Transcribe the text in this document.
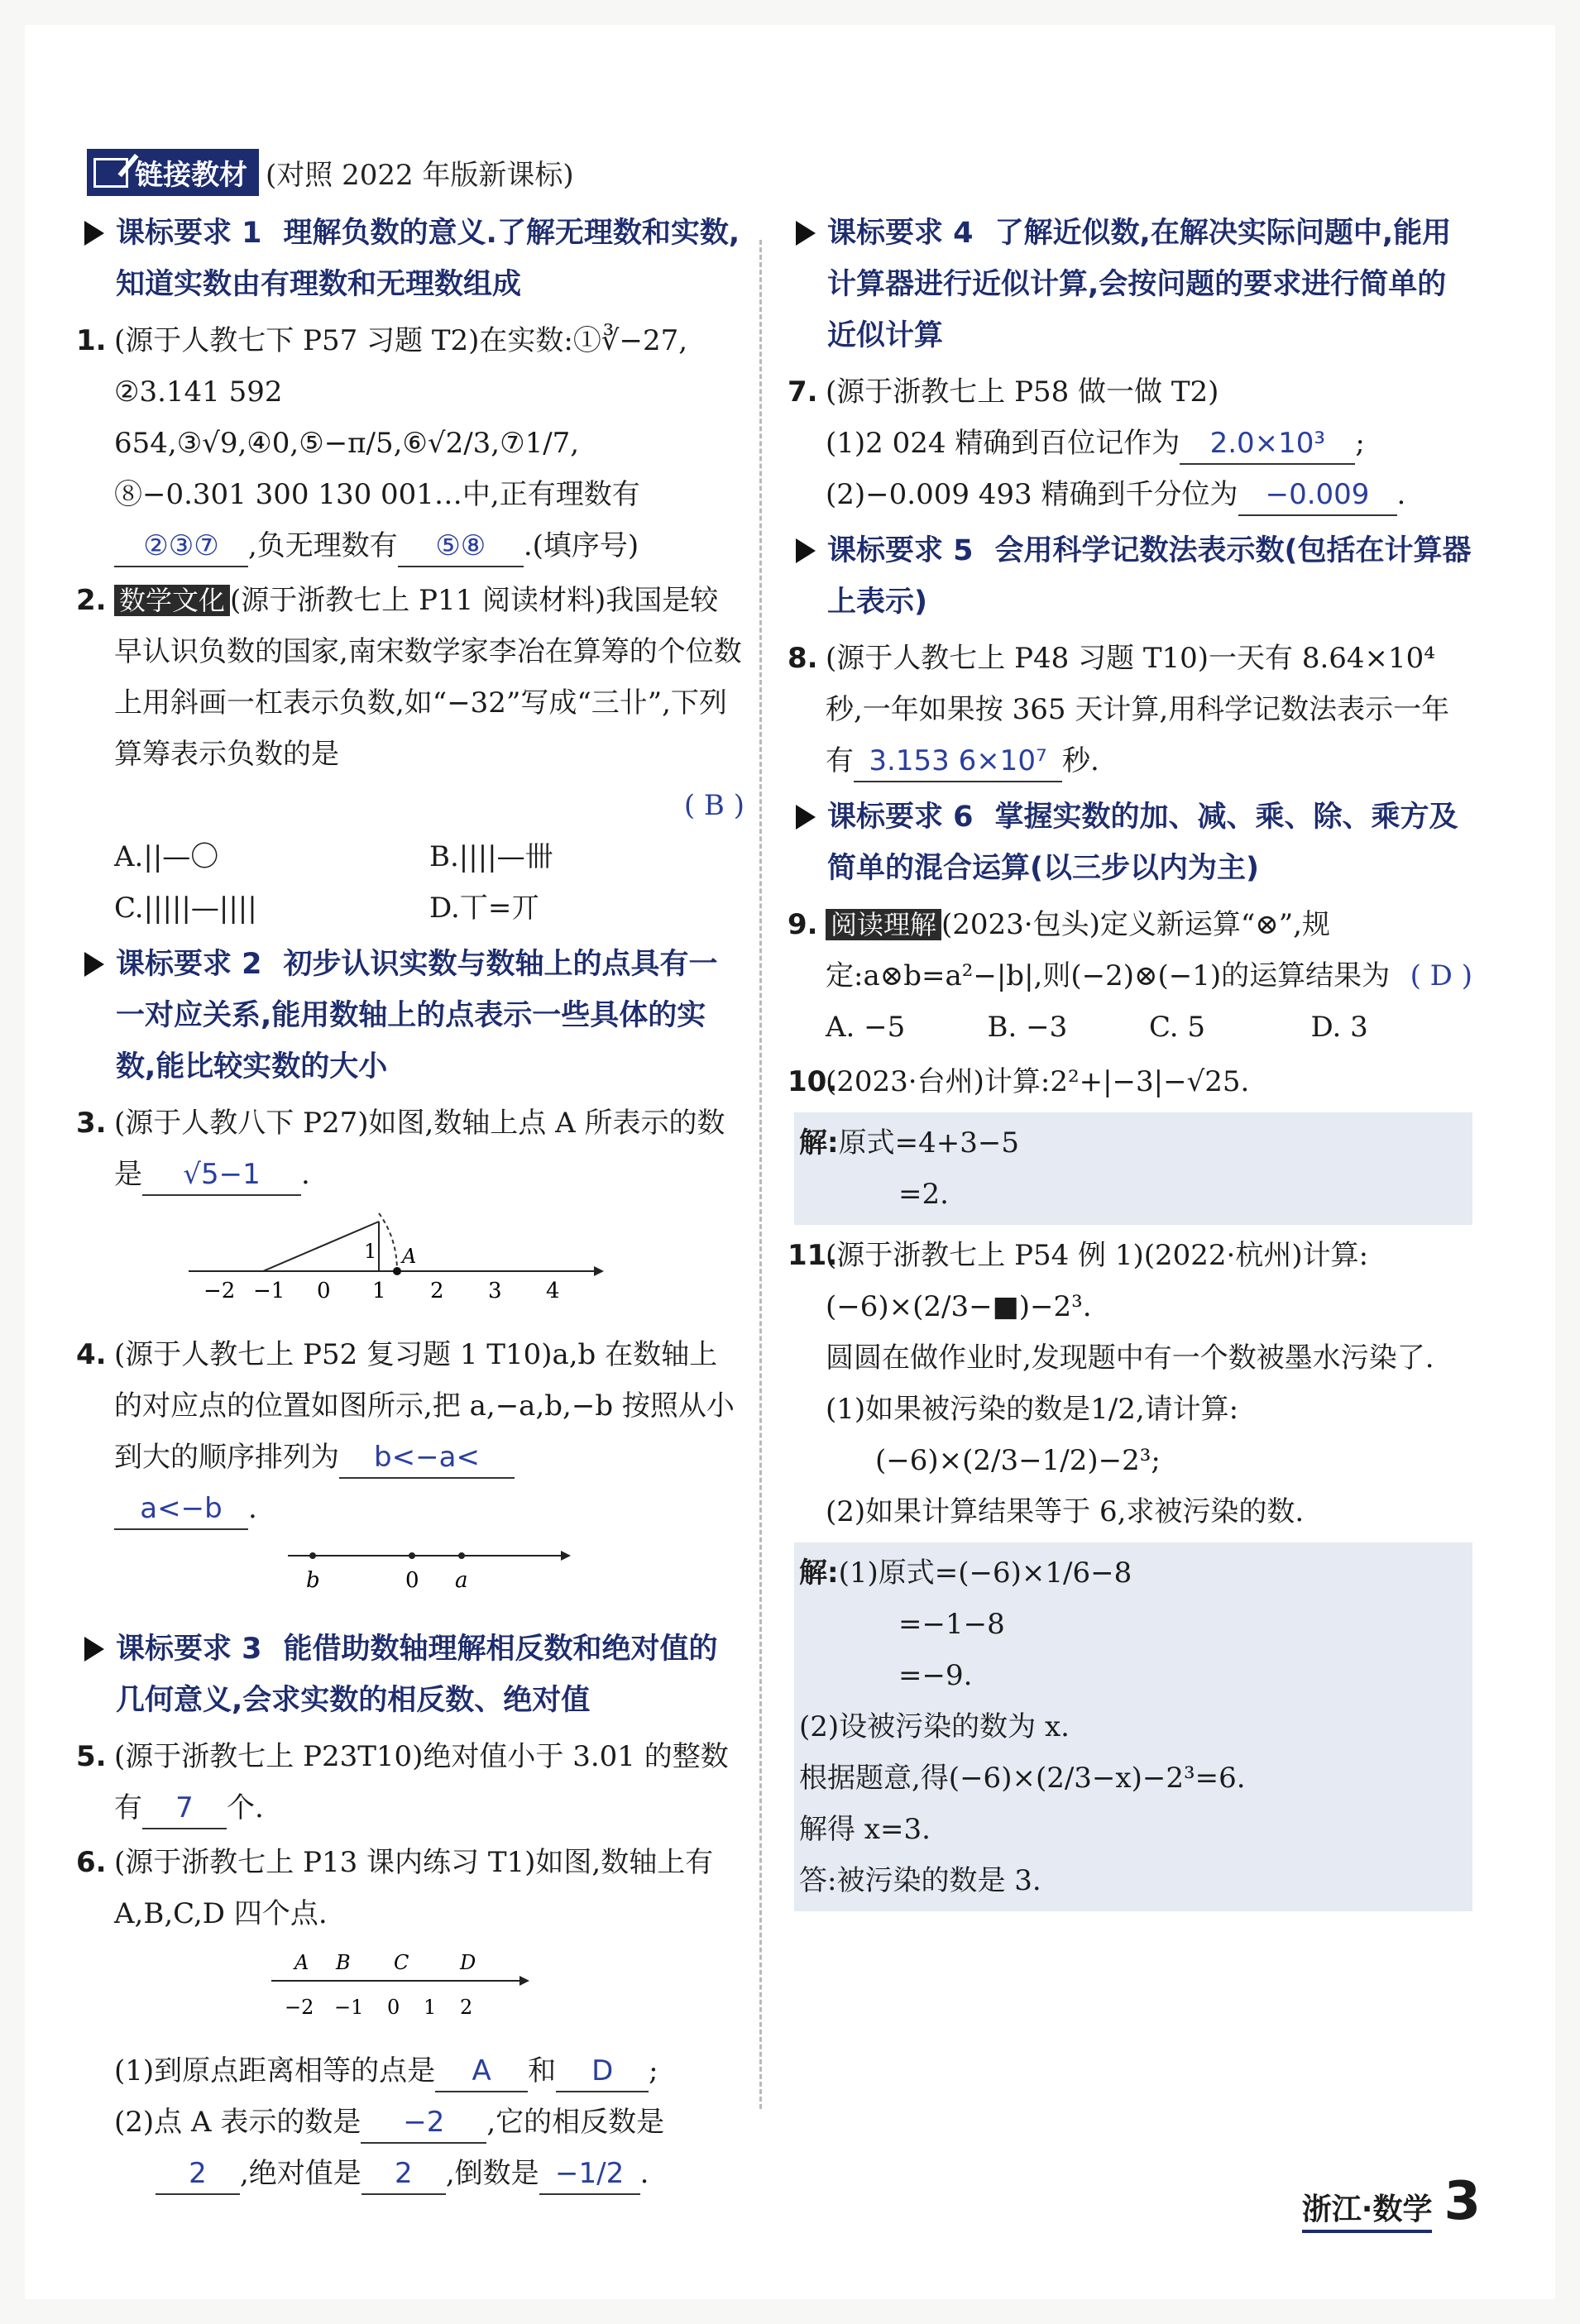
链接教材 (对照 2022 年版新课标)
课标要求 1 理解负数的意义.了解无理数和实数,知道实数由有理数和无理数组成
1. (源于人教七下 P57 习题 T2)在实数:①∛−27,
②3.141 592 654,③√9,④0,⑤−π/5,⑥√2/3,⑦1/7,
⑧−0.301 300 130 001…中,正有理数有
②③⑦ ,负无理数有 ⑤⑧ .(填序号)
2. 数学文化 (源于浙教七上 P11 阅读材料)我国是较早认识负数的国家,南宋数学家李冶在算筹的个位数上用斜画一杠表示负数,如“−32”写成“三卝”,下列算筹表示负数的是
( B )
A.||—〇	B.||||—卌
C.|||||—||||	D.丅=丌
课标要求 2 初步认识实数与数轴上的点具有一一对应关系,能用数轴上的点表示一些具体的实数,能比较实数的大小
3. (源于人教八下 P27)如图,数轴上点 A 所表示的数是 √5−1 .
1 A
−2 −1 0 1 2 3 4
4. (源于人教七上 P52 复习题 1 T10)a,b 在数轴上的对应点的位置如图所示,把 a,−a,b,−b 按照从小到大的顺序排列为 b<−a<
a<−b .
b	0 a
课标要求 3 能借助数轴理解相反数和绝对值的几何意义,会求实数的相反数、绝对值
5. (源于浙教七上 P23T10)绝对值小于 3.01 的整数有 7 个.
6. (源于浙教七上 P13 课内练习 T1)如图,数轴上有 A,B,C,D 四个点.
A B C	D
−2 −1 0 1 2
(1)到原点距离相等的点是 A 和 D ;
(2)点 A 表示的数是 −2 ,它的相反数是
2 ,绝对值是 2 ,倒数是 −1/2 .
课标要求 4 了解近似数,在解决实际问题中,能用计算器进行近似计算,会按问题的要求进行简单的近似计算
7. (源于浙教七上 P58 做一做 T2)
(1)2 024 精确到百位记作为 2.0×10³ ;
(2)−0.009 493 精确到千分位为 −0.009 .
课标要求 5 会用科学记数法表示数(包括在计算器上表示)
8. (源于人教七上 P48 习题 T10)一天有 8.64×10⁴ 秒,一年如果按 365 天计算,用科学记数法表示一年有 3.153 6×10⁷ 秒.
课标要求 6 掌握实数的加、减、乘、除、乘方及简单的混合运算(以三步以内为主)
9. 阅读理解 (2023·包头)定义新运算“⊗”,规定:a⊗b=a²−|b|,则(−2)⊗(−1)的运算结果为 ( D )
A. −5	B. −3	C. 5	D. 3
10.
(2023·台州)计算:2²+|−3|−√25.
解:原式=4+3−5
=2.
11.
(源于浙教七上 P54 例 1)(2022·杭州)计算:(−6)×(2/3−■)−2³.
圆圆在做作业时,发现题中有一个数被墨水污染了.
(1)如果被污染的数是1/2,请计算:
(−6)×(2/3−1/2)−2³;
(2)如果计算结果等于 6,求被污染的数.
解:(1)原式=(−6)×1/6−8
=−1−8
=−9.
(2)设被污染的数为 x.
根据题意,得(−6)×(2/3−x)−2³=6.
解得 x=3.
答:被污染的数是 3.
浙江·数学 3
